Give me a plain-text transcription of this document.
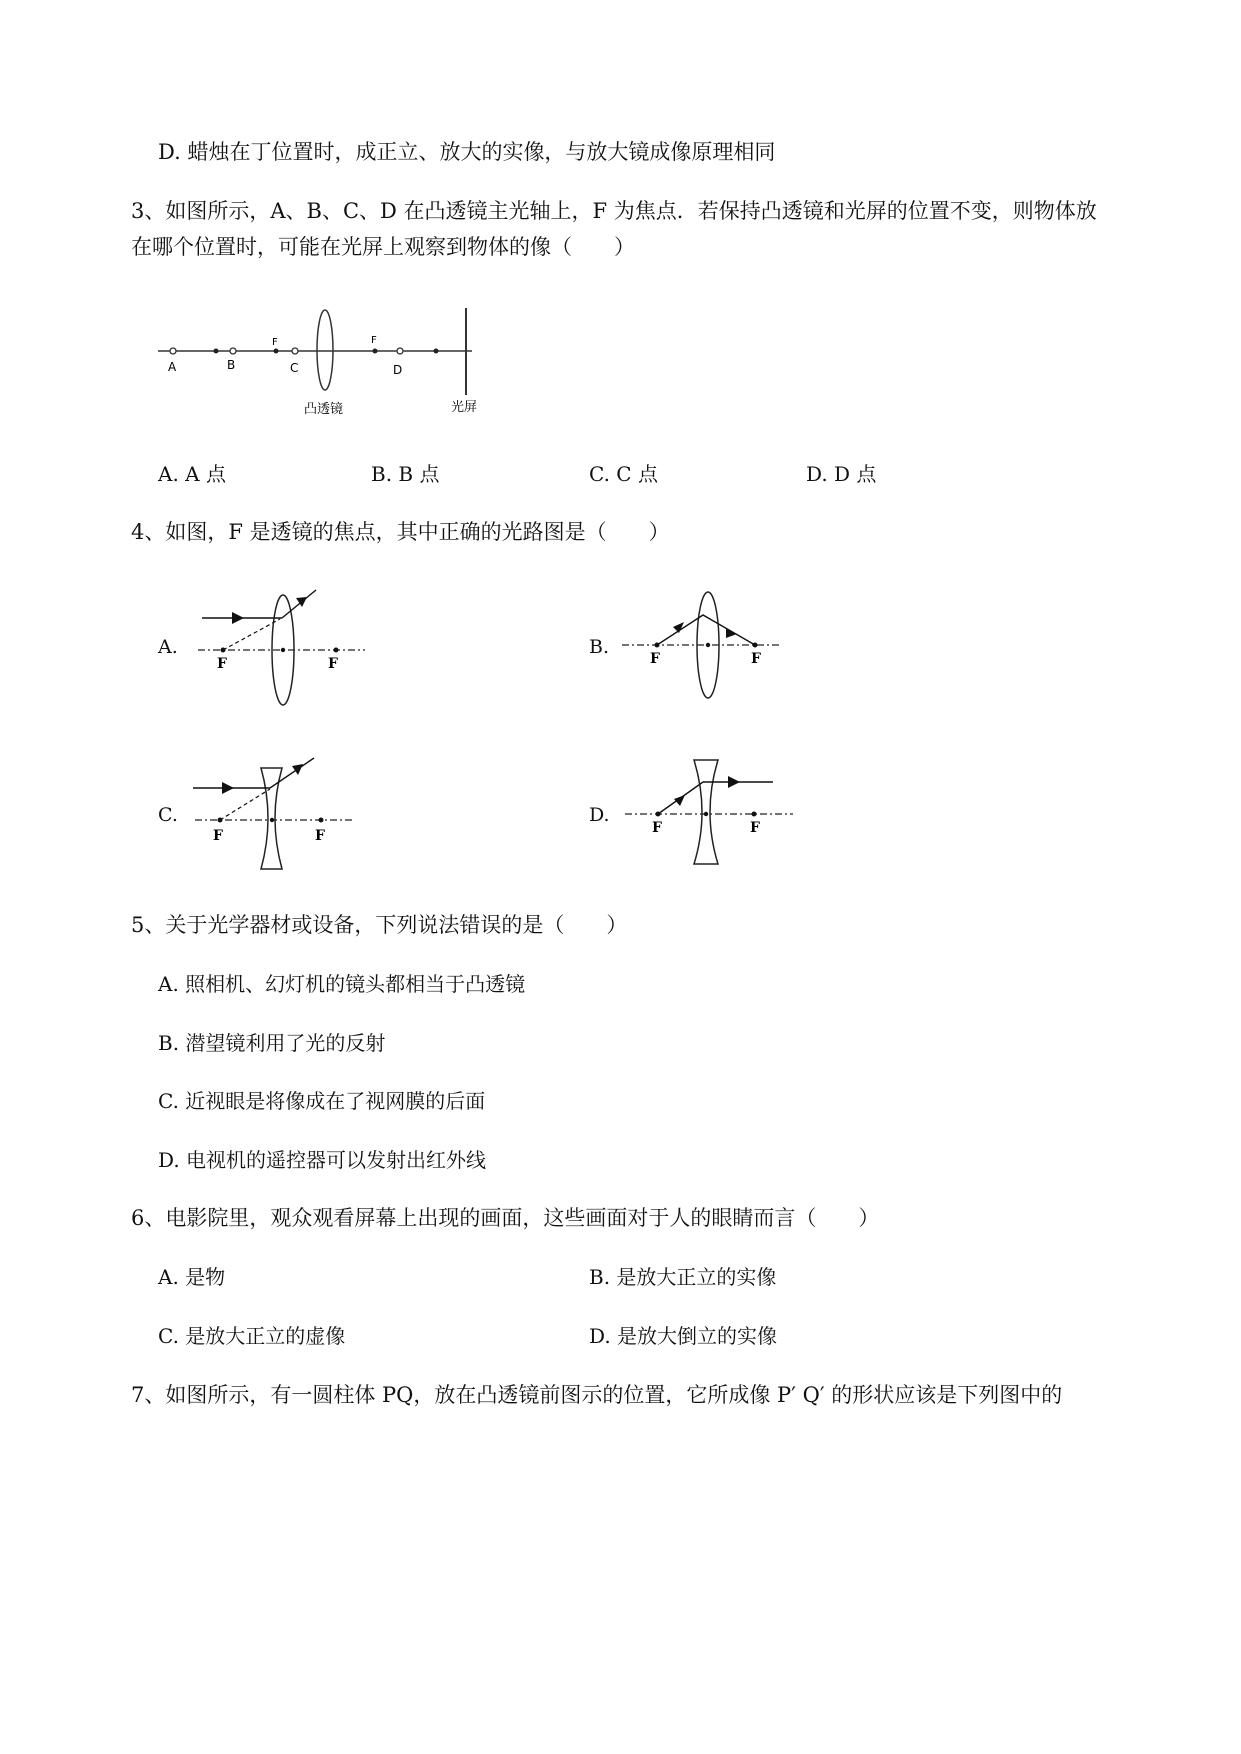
D. 蜡烛在丁位置时，成正立、放大的实像，与放大镜成像原理相同
3、如图所示，A、B、C、D 在凸透镜主光轴上，F 为焦点．若保持凸透镜和光屏的位置不变，则物体放
在哪个位置时，可能在光屏上观察到物体的像（　　）
A	B
F
C
F
D
凸透镜	光屏
A. A 点	B. B 点	C. C 点	D. D 点
4、如图，F 是透镜的焦点，其中正确的光路图是（　　）
A.	B.
C.	D.
F	F	F	F
F	F	F	F
5、关于光学器材或设备，下列说法错误的是（　　）
A. 照相机、幻灯机的镜头都相当于凸透镜
B. 潜望镜利用了光的反射
C. 近视眼是将像成在了视网膜的后面
D. 电视机的遥控器可以发射出红外线
6、电影院里，观众观看屏幕上出现的画面，这些画面对于人的眼睛而言（　　）
A. 是物	B. 是放大正立的实像
C. 是放大正立的虚像	D. 是放大倒立的实像
7、如图所示，有一圆柱体 PQ，放在凸透镜前图示的位置，它所成像 P′ Q′ 的形状应该是下列图中的
